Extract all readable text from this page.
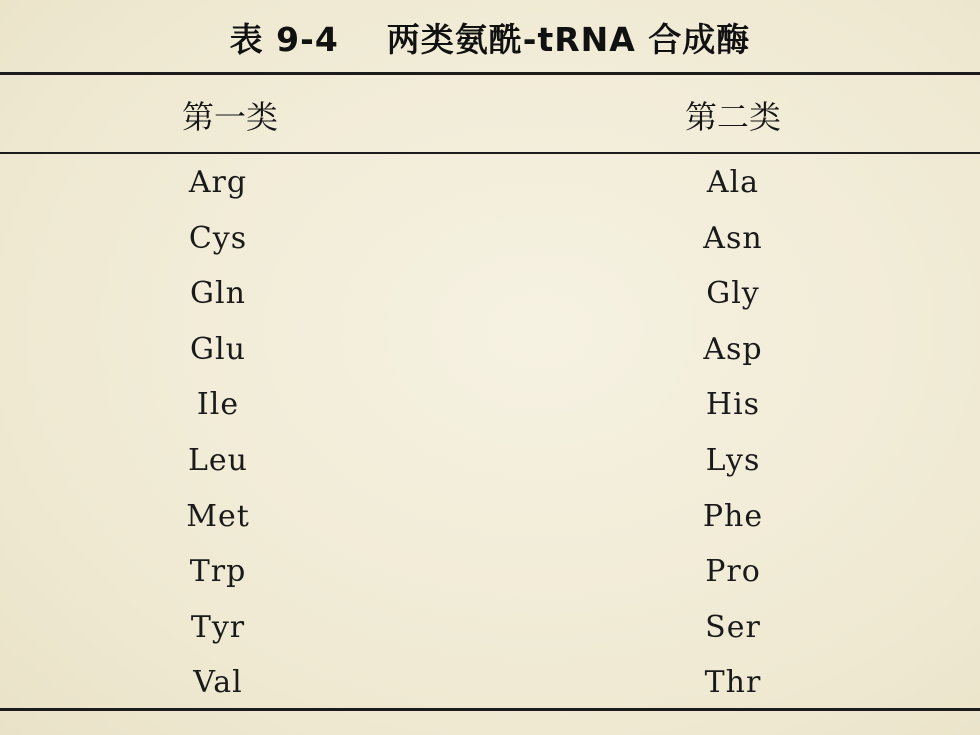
表 9-4 两类氨酰-tRNA 合成酶
第一类	第二类
Arg
Cys
Gln
Glu
Ile
Leu
Met
Trp
Tyr
Val
Ala
Asn
Gly
Asp
His
Lys
Phe
Pro
Ser
Thr
